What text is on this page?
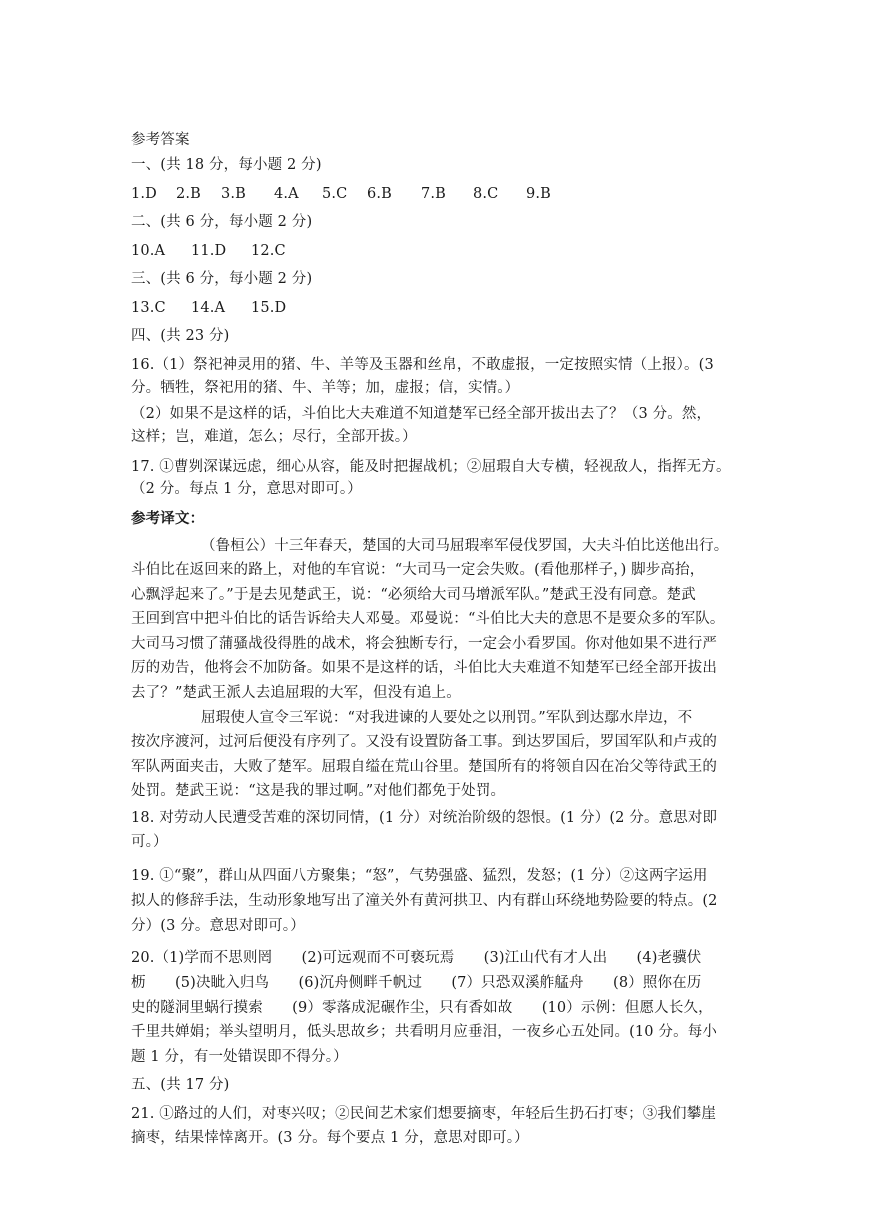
参考答案
一、(共 18 分，每小题 2 分)
1.D 2.B 3.B 4.A 5.C 6.B 7.B 8.C 9.B
二、(共 6 分，每小题 2 分)
10.A 11.D 12.C
三、(共 6 分，每小题 2 分)
13.C 14.A 15.D
四、(共 23 分)
16.（1）祭祀神灵用的猪、牛、羊等及玉器和丝帛，不敢虚报，一定按照实情（上报）。(3
分。牺牲，祭祀用的猪、牛、羊等；加，虚报；信，实情。）
（2）如果不是这样的话，斗伯比大夫难道不知道楚军已经全部开拔出去了？（3 分。然，
这样；岂，难道，怎么；尽行，全部开拔。）
17. ①曹刿深谋远虑，细心从容，能及时把握战机；②屈瑕自大专横，轻视敌人，指挥无方。
（2 分。每点 1 分，意思对即可。）
参考译文：
（鲁桓公）十三年春天，楚国的大司马屈瑕率军侵伐罗国，大夫斗伯比送他出行。
斗伯比在返回来的路上，对他的车官说：“大司马一定会失败。(看他那样子，) 脚步高抬，
心飘浮起来了。”于是去见楚武王，说：“必须给大司马增派军队。”楚武王没有同意。楚武
王回到宫中把斗伯比的话告诉给夫人邓曼。邓曼说：“斗伯比大夫的意思不是要众多的军队。
大司马习惯了蒲骚战役得胜的战术，将会独断专行，一定会小看罗国。你对他如果不进行严
厉的劝告，他将会不加防备。如果不是这样的话，斗伯比大夫难道不知楚军已经全部开拔出
去了？”楚武王派人去追屈瑕的大军，但没有追上。
屈瑕使人宣令三军说：“对我进谏的人要处之以刑罚。”军队到达鄢水岸边，不
按次序渡河，过河后便没有序列了。又没有设置防备工事。到达罗国后，罗国军队和卢戎的
军队两面夹击，大败了楚军。屈瑕自缢在荒山谷里。楚国所有的将领自囚在冶父等待武王的
处罚。楚武王说：“这是我的罪过啊。”对他们都免于处罚。
18. 对劳动人民遭受苦难的深切同情，(1 分）对统治阶级的怨恨。(1 分）(2 分。意思对即
可。）
19. ①“聚”，群山从四面八方聚集；“怒”，气势强盛、猛烈，发怒；(1 分）②这两字运用
拟人的修辞手法，生动形象地写出了潼关外有黄河拱卫、内有群山环绕地势险要的特点。(2
分）(3 分。意思对即可。）
20.（1)学而不思则罔　　(2)可远观而不可亵玩焉　　(3)江山代有才人出　　(4)老骥伏
枥　　(5)决眦入归鸟　　(6)沉舟侧畔千帆过　　(7）只恐双溪舴艋舟　　(8）照你在历
史的隧洞里蜗行摸索　　(9）零落成泥碾作尘，只有香如故　　(10）示例：但愿人长久，
千里共婵娟；举头望明月，低头思故乡；共看明月应垂泪，一夜乡心五处同。(10 分。每小
题 1 分，有一处错误即不得分。）
五、(共 17 分)
21. ①路过的人们，对枣兴叹；②民间艺术家们想要摘枣，年轻后生扔石打枣；③我们攀崖
摘枣，结果悻悻离开。(3 分。每个要点 1 分，意思对即可。）
